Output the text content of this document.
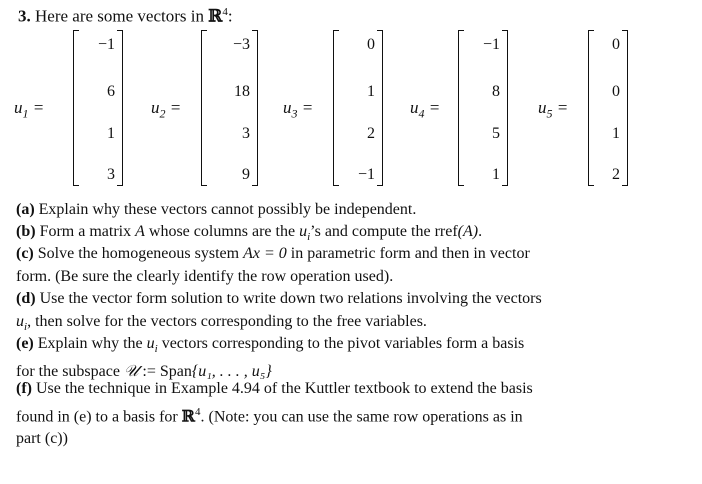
3. Here are some vectors in ℝ$^4$:
$u_1$ =
−1
6
1
3
$u_2$ =
−3
18
3
9
$u_3$ =
0
1
2
−1
$u_4$ =
−1
8
5
1
$u_5$ =
0
0
1
2
(a) Explain why these vectors cannot possibly be independent.
(b) Form a matrix A whose columns are the $u_i’s$ and compute the rref(A).
(c) Solve the homogeneous system Ax = 0 in parametric form and then in vector
form. (Be sure the clearly identify the row operation used).
(d) Use the vector form solution to write down two relations involving the vectors
$u_i$, then solve for the vectors corresponding to the free variables.
(e) Explain why the $u_i$ vectors corresponding to the pivot variables form a basis
for the subspace 𝒰 := Span{u₁, . . . , u₅}
(f) Use the technique in Example 4.94 of the Kuttler textbook to extend the basis
found in (e) to a basis for ℝ$^4$. (Note: you can use the same row operations as in
part (c))
